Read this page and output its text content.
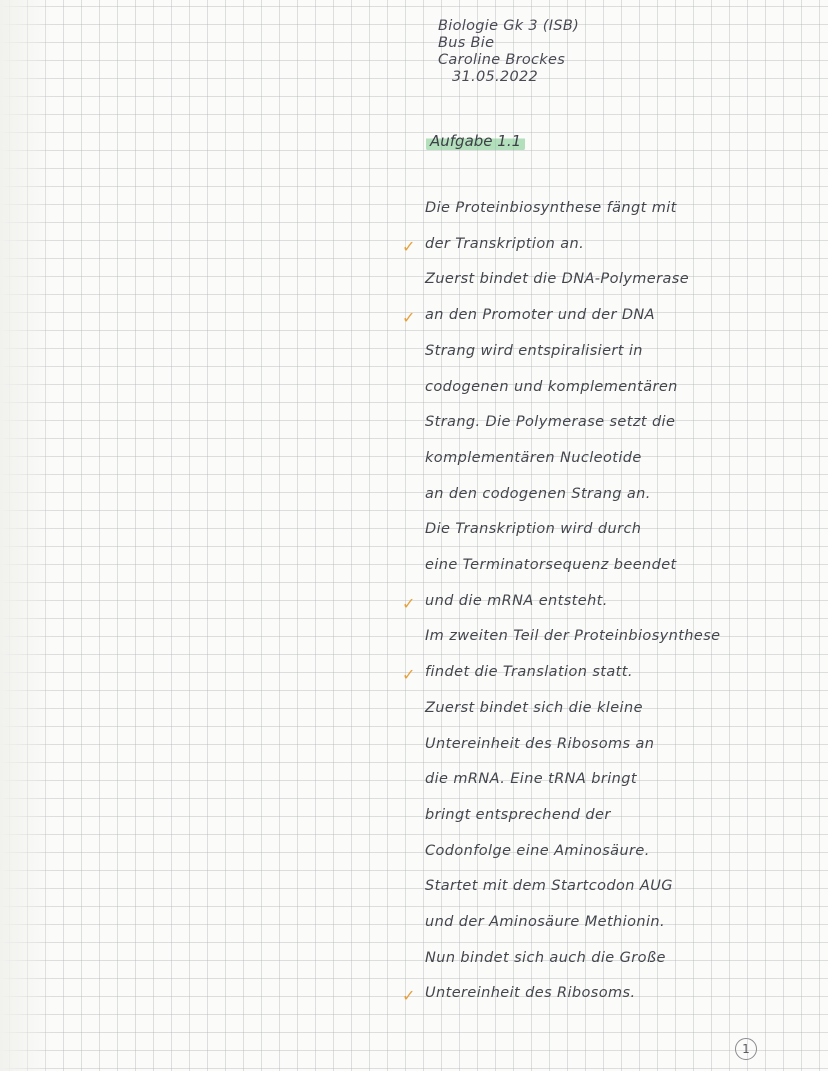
Biologie Gk 3 (ISB)
Bus Bie
Caroline Brockes
31.05.2022
Aufgabe 1.1
Die Proteinbiosynthese fängt mit
✓ der Transkription an.
Zuerst bindet die DNA-Polymerase
✓ an den Promoter und der DNA
Strang wird entspiralisiert in
codogenen und komplementären
Strang. Die Polymerase setzt die
komplementären Nucleotide
an den codogenen Strang an.
Die Transkription wird durch
eine Terminatorsequenz beendet
✓ und die mRNA entsteht.
Im zweiten Teil der Proteinbiosynthese
✓ findet die Translation statt.
Zuerst bindet sich die kleine
Untereinheit des Ribosoms an
die mRNA. Eine tRNA bringt
bringt entsprechend der
Codonfolge eine Aminosäure.
Startet mit dem Startcodon AUG
und der Aminosäure Methionin.
Nun bindet sich auch die Große
✓ Untereinheit des Ribosoms.
1
